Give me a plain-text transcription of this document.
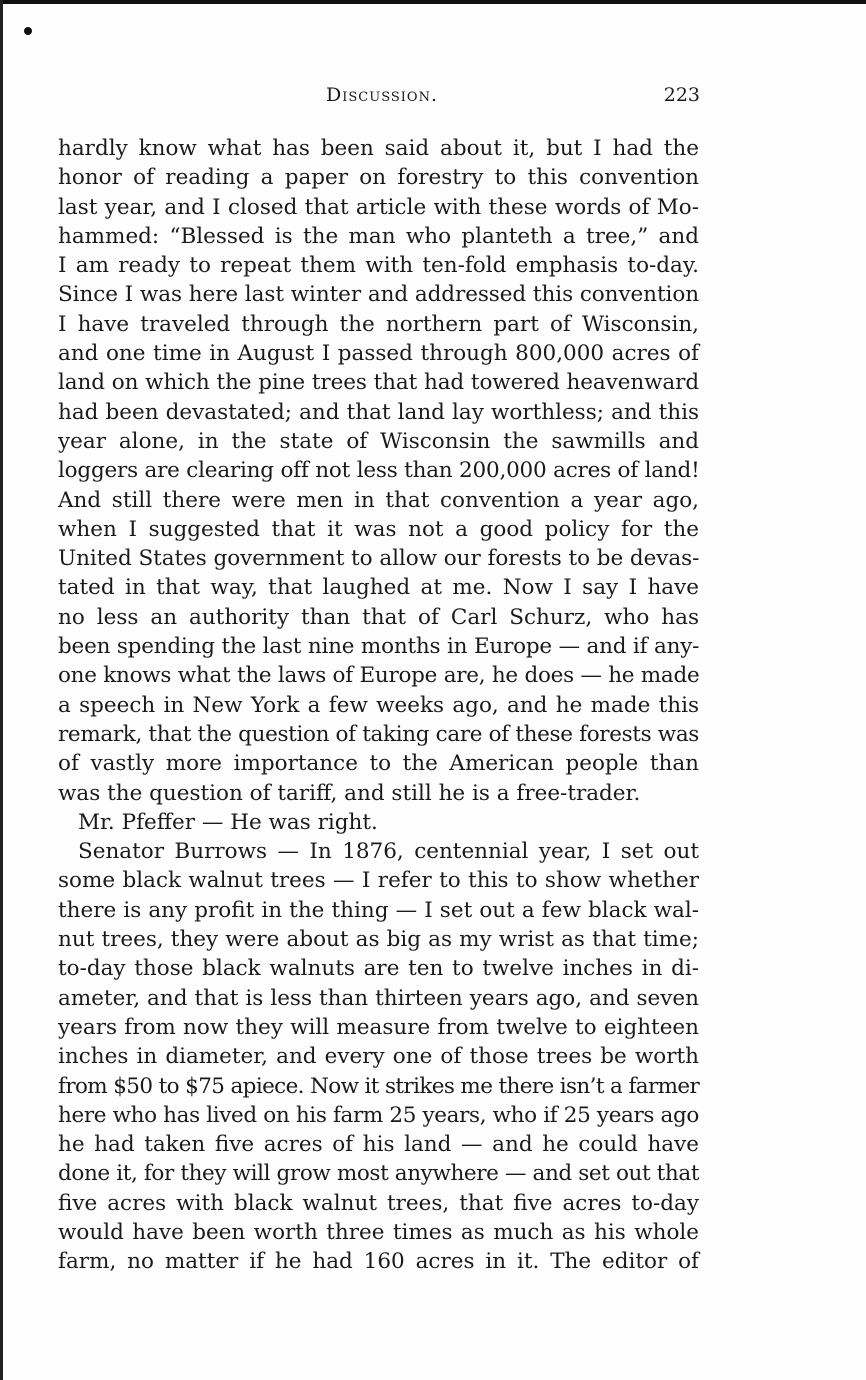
Discussion.	223
hardly know what has been said about it, but I had the
honor of reading a paper on forestry to this convention
last year, and I closed that article with these words of Mo-
hammed: “Blessed is the man who planteth a tree,” and
I am ready to repeat them with ten-fold emphasis to-day.
Since I was here last winter and addressed this convention
I have traveled through the northern part of Wisconsin,
and one time in August I passed through 800,000 acres of
land on which the pine trees that had towered heavenward
had been devastated; and that land lay worthless; and this
year alone, in the state of Wisconsin the sawmills and
loggers are clearing off not less than 200,000 acres of land!
And still there were men in that convention a year ago,
when I suggested that it was not a good policy for the
United States government to allow our forests to be devas-
tated in that way, that laughed at me. Now I say I have
no less an authority than that of Carl Schurz, who has
been spending the last nine months in Europe — and if any-
one knows what the laws of Europe are, he does — he made
a speech in New York a few weeks ago, and he made this
remark, that the question of taking care of these forests was
of vastly more importance to the American people than
was the question of tariff, and still he is a free-trader.
Mr. Pfeffer — He was right.
Senator Burrows — In 1876, centennial year, I set out
some black walnut trees — I refer to this to show whether
there is any profit in the thing — I set out a few black wal-
nut trees, they were about as big as my wrist as that time;
to-day those black walnuts are ten to twelve inches in di-
ameter, and that is less than thirteen years ago, and seven
years from now they will measure from twelve to eighteen
inches in diameter, and every one of those trees be worth
from $50 to $75 apiece. Now it strikes me there isn’t a farmer
here who has lived on his farm 25 years, who if 25 years ago
he had taken five acres of his land — and he could have
done it, for they will grow most anywhere — and set out that
five acres with black walnut trees, that five acres to-day
would have been worth three times as much as his whole
farm, no matter if he had 160 acres in it. The editor of
